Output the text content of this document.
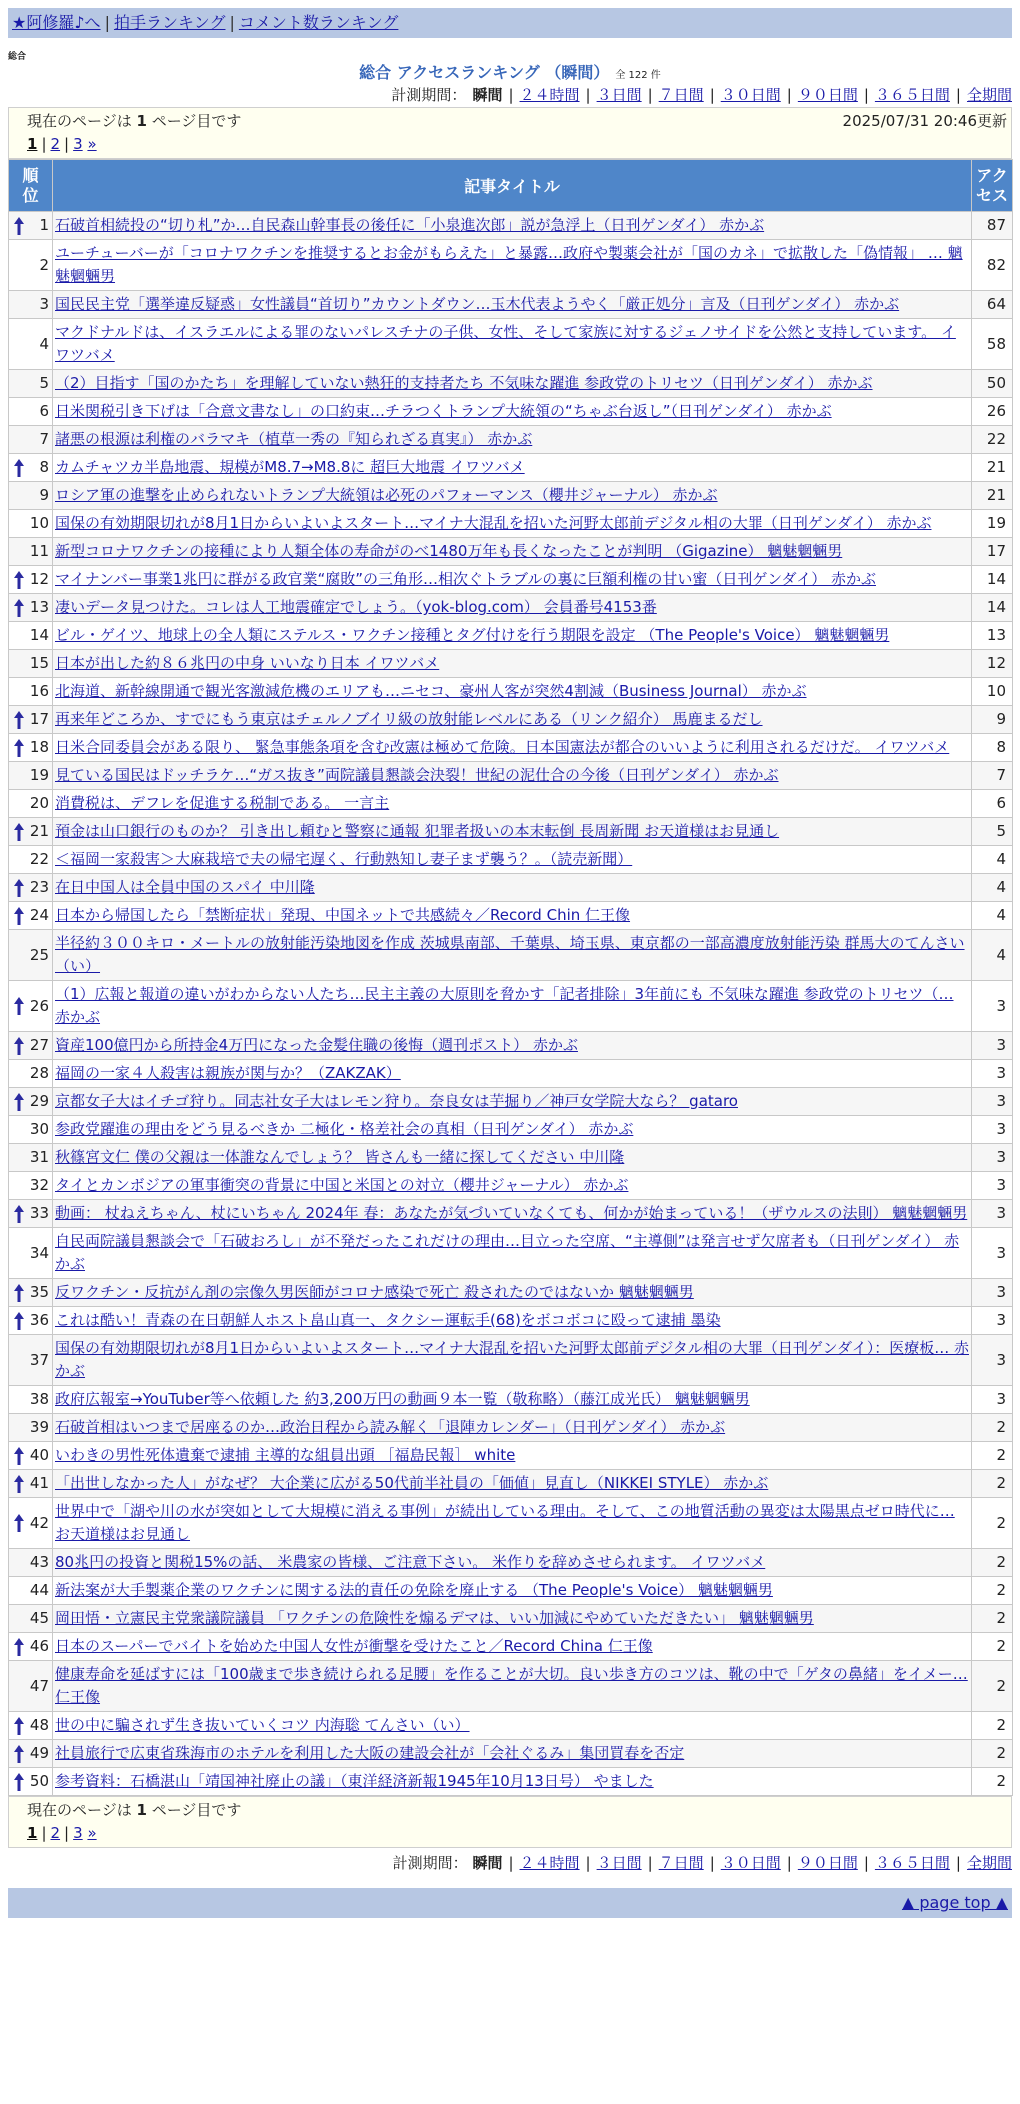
★阿修羅♪へ | 拍手ランキング | コメント数ランキング
総合
総合 アクセスランキング （瞬間） 全 122 件
計測期間： 瞬間 | ２４時間 | ３日間 | ７日間 | ３０日間 | ９０日間 | ３６５日間 | 全期間
現在のページは 1 ページ目です	2025/07/31 20:46更新
1 | 2 | 3 »
順位	記事タイトル	アクセス

1	石破首相続投の“切り札”か…自民森山幹事長の後任に「小泉進次郎」説が急浮上（日刊ゲンダイ） 赤かぶ	87
2	ユーチューバーが「コロナワクチンを推奨するとお金がもらえた」と暴露…政府や製薬会社が「国のカネ」で拡散した「偽情報」 … 魑魅魍魎男	82
3	国民民主党「選挙違反疑惑」女性議員“首切り”カウントダウン…玉木代表ようやく「厳正処分」言及（日刊ゲンダイ） 赤かぶ	64
4	マクドナルドは、イスラエルによる罪のないパレスチナの子供、女性、そして家族に対するジェノサイドを公然と支持しています。 イワツバメ	58
5	（2）目指す「国のかたち」を理解していない熱狂的支持者たち 不気味な躍進 参政党のトリセツ（日刊ゲンダイ） 赤かぶ	50
6	日米関税引き下げは「合意文書なし」の口約束…チラつくトランプ大統領の“ちゃぶ台返し”（日刊ゲンダイ） 赤かぶ	26
7	諸悪の根源は利権のバラマキ（植草一秀の『知られざる真実』） 赤かぶ	22

8	カムチャツカ半島地震、規模がM8.7→M8.8に 超巨大地震 イワツバメ	21
9	ロシア軍の進撃を止められないトランプ大統領は必死のパフォーマンス（櫻井ジャーナル） 赤かぶ	21
10	国保の有効期限切れが8月1日からいよいよスタート…マイナ大混乱を招いた河野太郎前デジタル相の大罪（日刊ゲンダイ） 赤かぶ	19
11	新型コロナワクチンの接種により人類全体の寿命がのべ1480万年も長くなったことが判明 （Gigazine） 魑魅魍魎男	17

12	マイナンバー事業1兆円に群がる政官業“腐敗”の三角形…相次ぐトラブルの裏に巨額利権の甘い蜜（日刊ゲンダイ） 赤かぶ	14

13	凄いデータ見つけた。コレは人工地震確定でしょう。（yok-blog.com） 会員番号4153番	14
14	ビル・ゲイツ、地球上の全人類にステルス・ワクチン接種とタグ付けを行う期限を設定 （The People's Voice） 魑魅魍魎男	13
15	日本が出した約８６兆円の中身 いいなり日本 イワツバメ	12
16	北海道、新幹線開通で観光客激減危機のエリアも…ニセコ、豪州人客が突然4割減（Business Journal） 赤かぶ	10

17	再来年どころか、すでにもう東京はチェルノブイリ級の放射能レベルにある（リンク紹介） 馬鹿まるだし	9

18	日米合同委員会がある限り、 緊急事態条項を含む改憲は極めて危険。日本国憲法が都合のいいように利用されるだけだ。 イワツバメ	8
19	見ている国民はドッチラケ…“ガス抜き”両院議員懇談会決裂！世紀の泥仕合の今後（日刊ゲンダイ） 赤かぶ	7
20	消費税は、デフレを促進する税制である。 一言主	6

21	預金は山口銀行のものか？ 引き出し頼むと警察に通報 犯罪者扱いの本末転倒 長周新聞 お天道様はお見通し	5
22	＜福岡一家殺害＞大麻栽培で夫の帰宅遅く、行動熟知し妻子まず襲う？。（読売新聞）	4

23	在日中国人は全員中国のスパイ 中川隆	4

24	日本から帰国したら「禁断症状」発現、中国ネットで共感続々／Record Chin 仁王像	4
25	半径約３００キロ・メートルの放射能汚染地図を作成 茨城県南部、千葉県、埼玉県、東京都の一部高濃度放射能汚染 群馬大のてんさい（い）	4

26	（1）広報と報道の違いがわからない人たち…民主主義の大原則を脅かす「記者排除」3年前にも 不気味な躍進 参政党のトリセツ（… 赤かぶ	3

27	資産100億円から所持金4万円になった金髪住職の後悔（週刊ポスト） 赤かぶ	3
28	福岡の一家４人殺害は親族が関与か？（ZAKZAK）	3

29	京都女子大はイチゴ狩り。同志社女子大はレモン狩り。奈良女は芋掘り／神戸女学院大なら？ gataro	3
30	参政党躍進の理由をどう見るべきか 二極化・格差社会の真相（日刊ゲンダイ） 赤かぶ	3
31	秋篠宮文仁 僕の父親は一体誰なんでしょう？ 皆さんも一緒に探してください 中川隆	3
32	タイとカンボジアの軍事衝突の背景に中国と米国との対立（櫻井ジャーナル） 赤かぶ	3

33	動画： 杖ねえちゃん、杖にいちゃん 2024年 春：あなたが気づいていなくても、何かが始まっている！（ザウルスの法則） 魑魅魍魎男	3
34	自民両院議員懇談会で「石破おろし」が不発だったこれだけの理由…目立った空席、“主導側”は発言せず欠席者も（日刊ゲンダイ） 赤かぶ	3

35	反ワクチン・反抗がん剤の宗像久男医師がコロナ感染で死亡 殺されたのではないか 魑魅魍魎男	3

36	これは酷い！青森の在日朝鮮人ホスト畠山真一、タクシー運転手(68)をボコボコに殴って逮捕 墨染	3
37	国保の有効期限切れが8月1日からいよいよスタート…マイナ大混乱を招いた河野太郎前デジタル相の大罪（日刊ゲンダイ）：医療板… 赤かぶ	3
38	政府広報室→YouTuber等へ依頼した 約3,200万円の動画９本一覧（敬称略）（藤江成光氏） 魑魅魍魎男	3
39	石破首相はいつまで居座るのか…政治日程から読み解く「退陣カレンダー」（日刊ゲンダイ） 赤かぶ	2

40	いわきの男性死体遺棄で逮捕 主導的な組員出頭 ［福島民報］ white	2

41	「出世しなかった人」がなぜ？ 大企業に広がる50代前半社員の「価値」見直し（NIKKEI STYLE） 赤かぶ	2

42	世界中で「湖や川の水が突如として大規模に消える事例」が続出している理由。そして、この地質活動の異変は太陽黒点ゼロ時代に… お天道様はお見通し	2
43	80兆円の投資と関税15%の話、 米農家の皆様、ご注意下さい。 米作りを辞めさせられます。 イワツバメ	2
44	新法案が大手製薬企業のワクチンに関する法的責任の免除を廃止する （The People's Voice） 魑魅魍魎男	2
45	岡田悟・立憲民主党衆議院議員 「ワクチンの危険性を煽るデマは、いい加減にやめていただきたい」 魑魅魍魎男	2

46	日本のスーパーでバイトを始めた中国人女性が衝撃を受けたこと／Record China 仁王像	2
47	健康寿命を延ばすには「100歳まで歩き続けられる足腰」を作ることが大切。良い歩き方のコツは、靴の中で「ゲタの鼻緒」をイメー… 仁王像	2

48	世の中に騙されず生き抜いていくコツ 内海聡 てんさい（い）	2

49	社員旅行で広東省珠海市のホテルを利用した大阪の建設会社が「会社ぐるみ」集団買春を否定	2

50	参考資料：石橋湛山「靖国神社廃止の議」（東洋経済新報1945年10月13日号） やました	2
現在のページは 1 ページ目です
1 | 2 | 3 »
計測期間： 瞬間 | ２４時間 | ３日間 | ７日間 | ３０日間 | ９０日間 | ３６５日間 | 全期間
▲ page top ▲
